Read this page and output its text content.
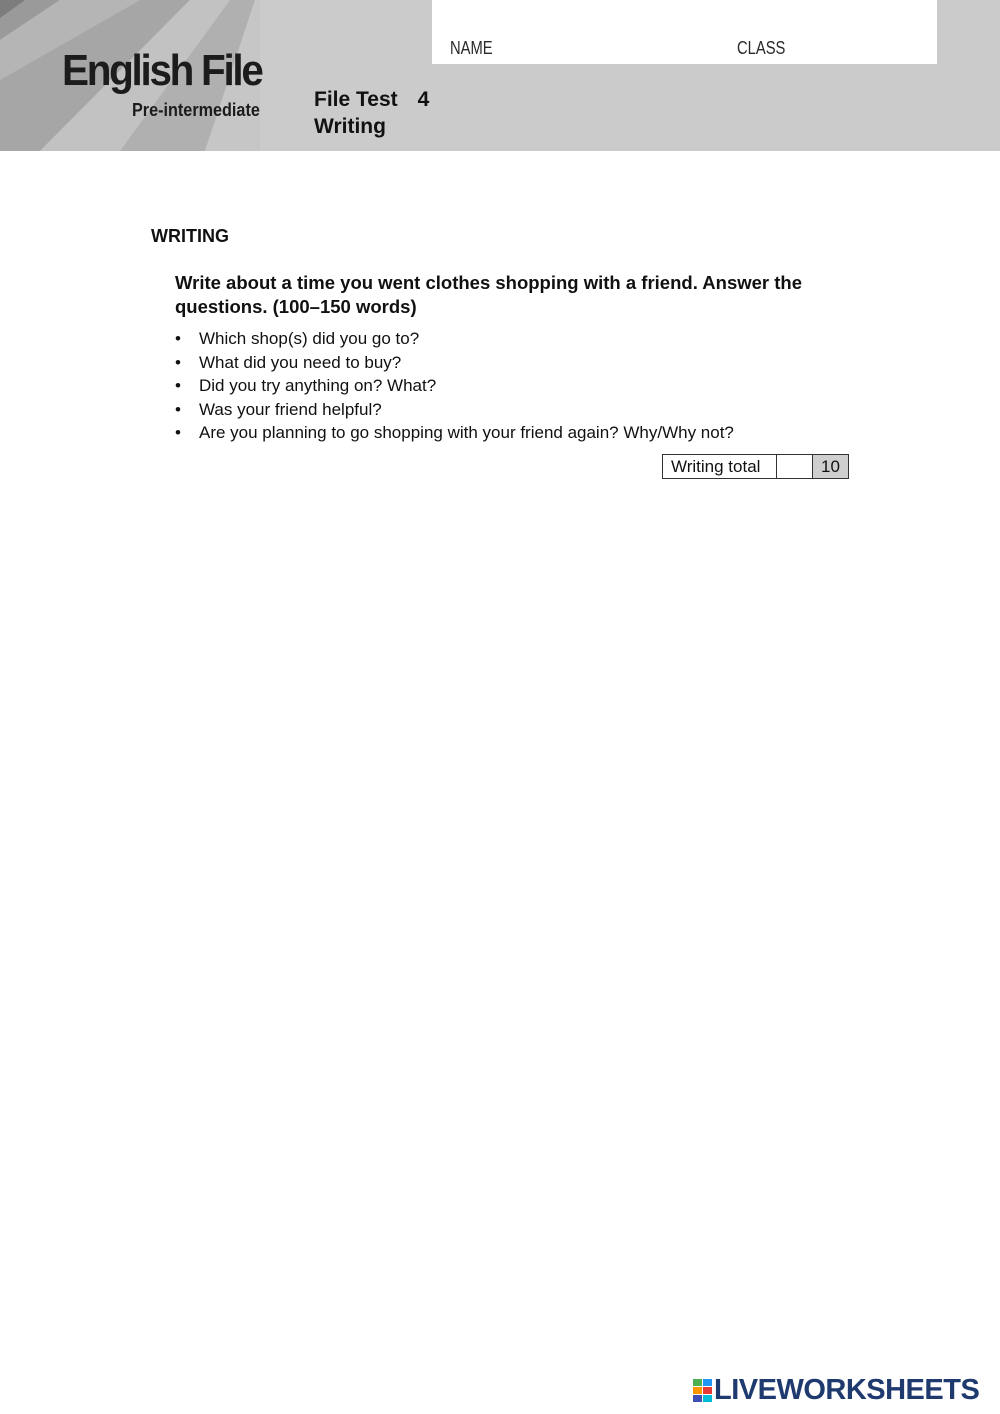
English File
Pre-intermediate	File Test 4
Writing
NAME	CLASS
WRITING
Write about a time you went clothes shopping with a friend. Answer the questions. (100–150 words)
• Which shop(s) did you go to?
• What did you need to buy?
• Did you try anything on? What?
• Was your friend helpful?
• Are you planning to go shopping with your friend again? Why/Why not?
Writing total		10
LIVEWORKSHEETS
